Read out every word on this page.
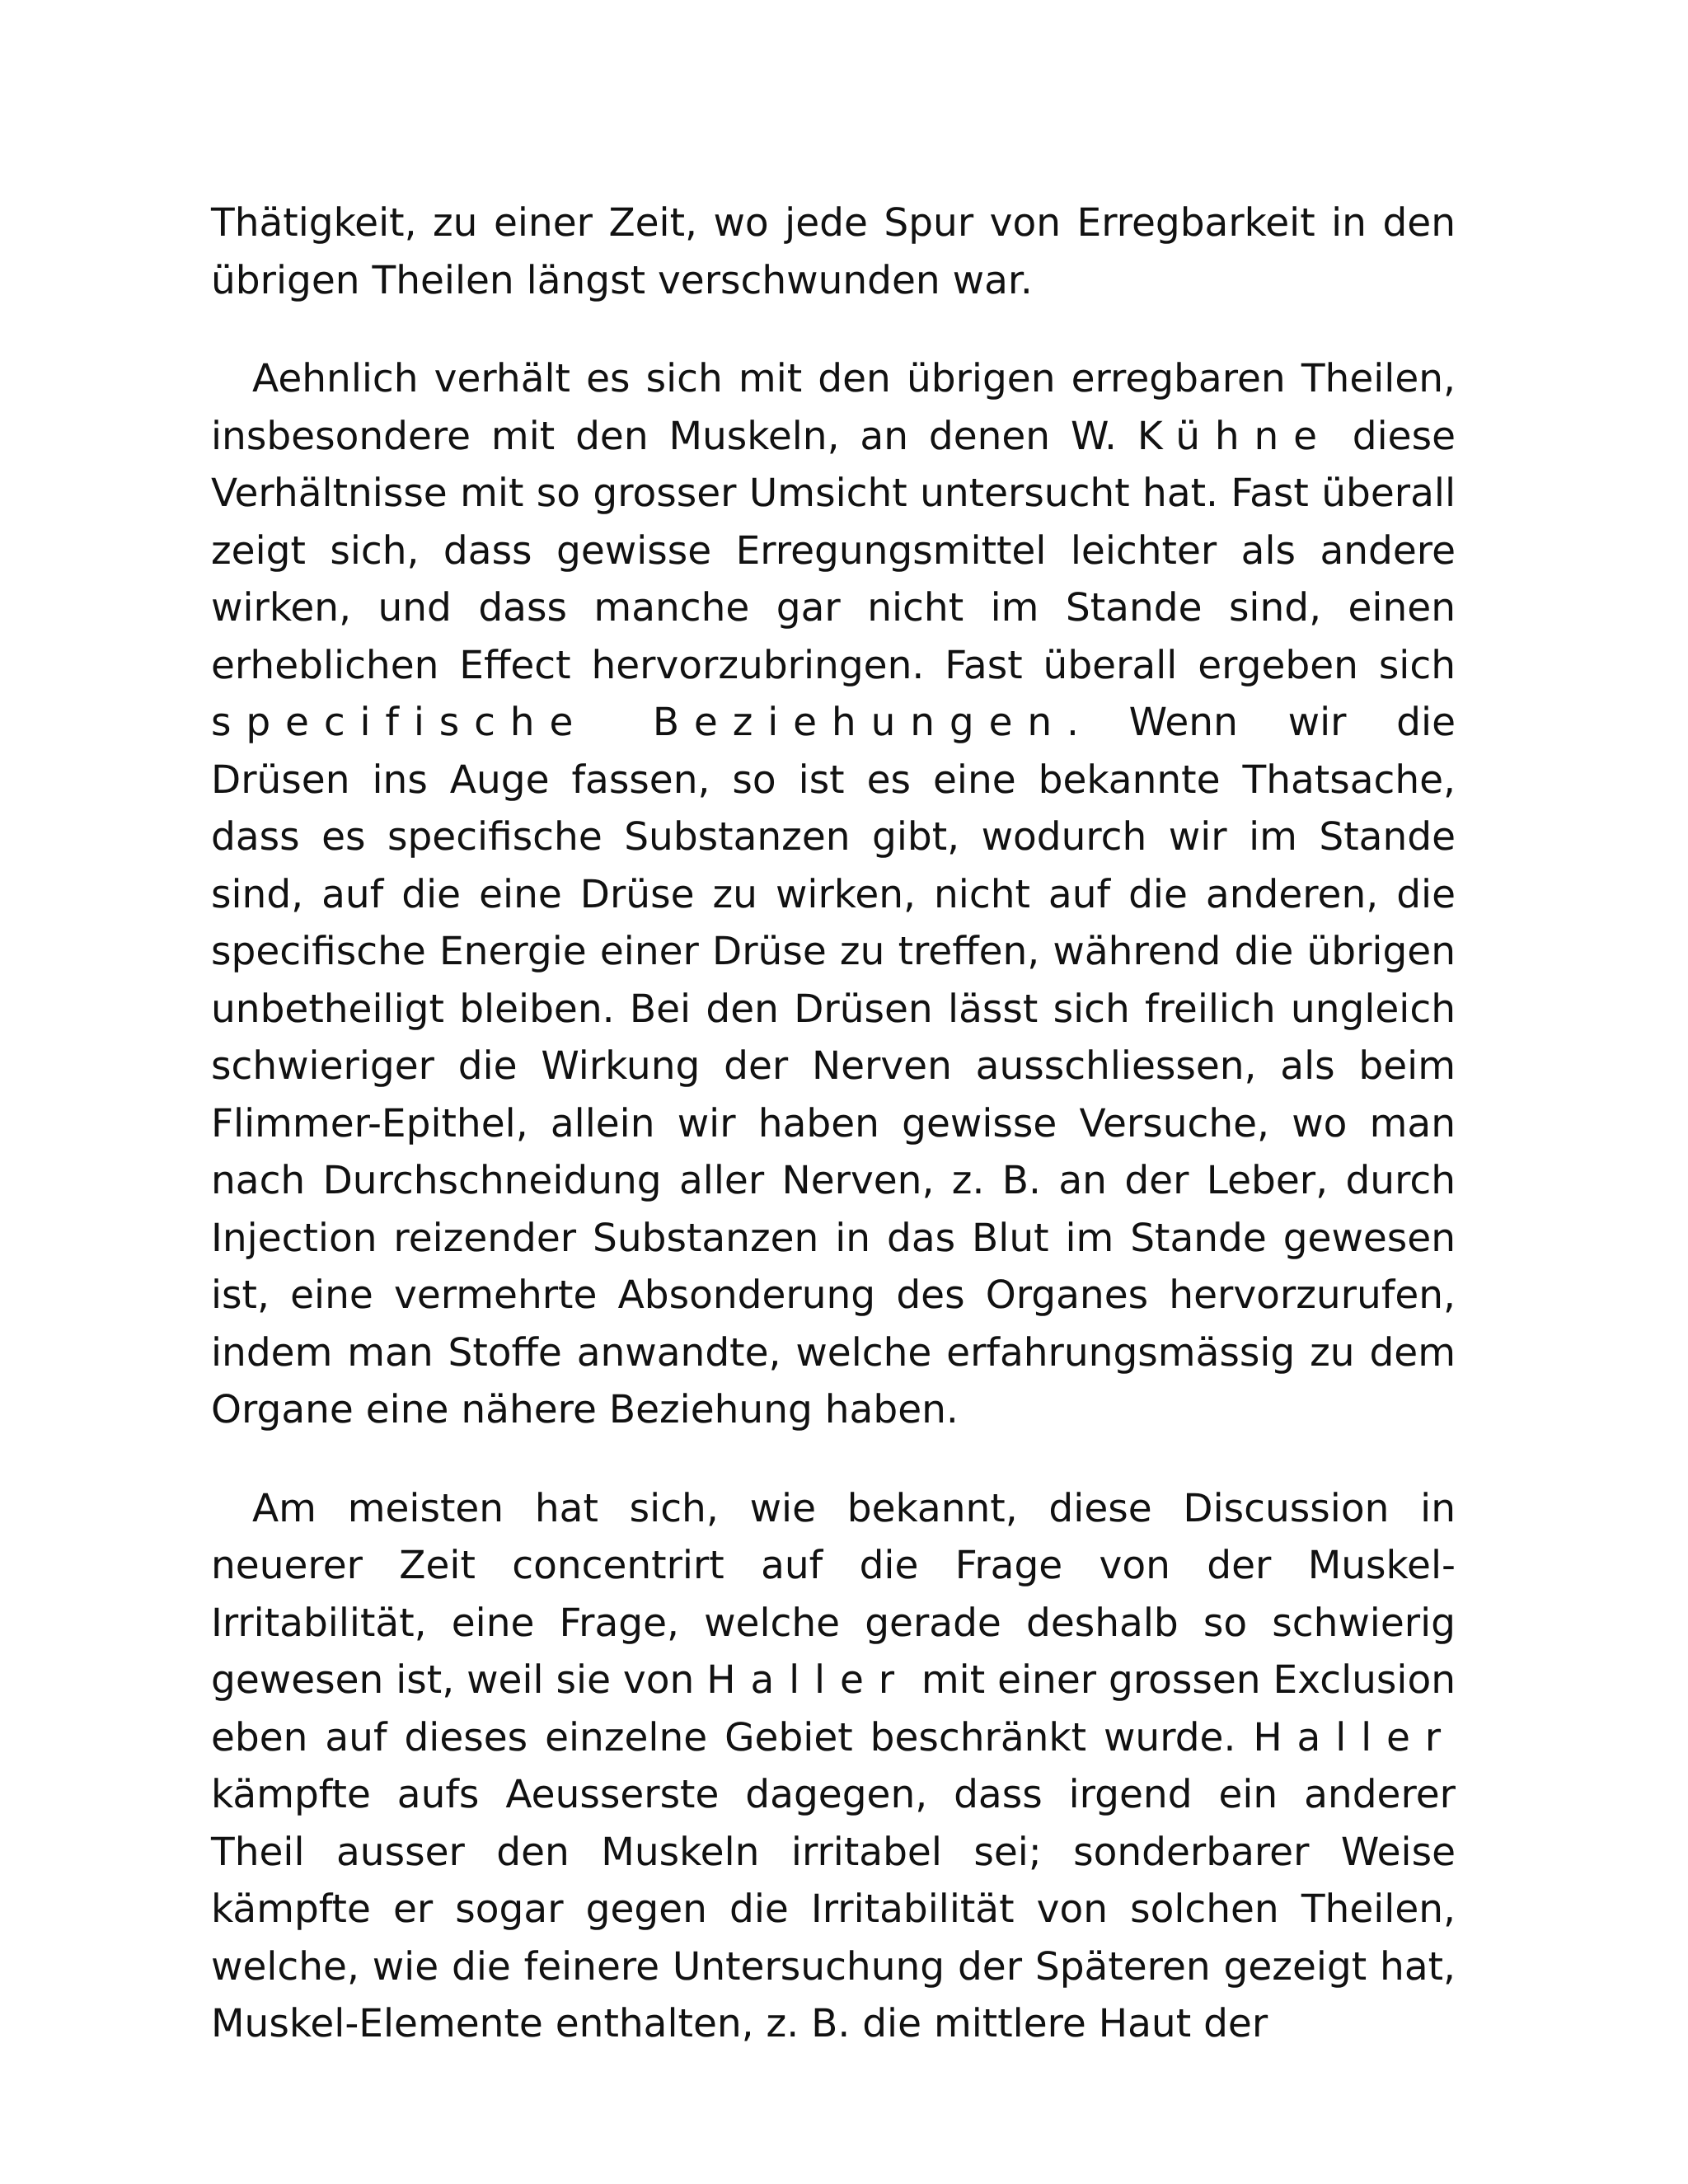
Thätigkeit, zu einer Zeit, wo jede Spur von Erregbarkeit in den übrigen Theilen längst verschwunden war.

Aehnlich verhält es sich mit den übrigen erregbaren Theilen, insbesondere mit den Muskeln, an denen W. Kühne diese Verhältnisse mit so grosser Umsicht untersucht hat. Fast überall zeigt sich, dass gewisse Erregungsmittel leichter als andere wirken, und dass manche gar nicht im Stande sind, einen erheblichen Effect hervorzubringen. Fast überall ergeben sich specifische Beziehungen. Wenn wir die Drüsen ins Auge fassen, so ist es eine bekannte Thatsache, dass es specifische Substanzen gibt, wodurch wir im Stande sind, auf die eine Drüse zu wirken, nicht auf die anderen, die specifische Energie einer Drüse zu treffen, während die übrigen unbetheiligt bleiben. Bei den Drüsen lässt sich freilich ungleich schwieriger die Wirkung der Nerven ausschliessen, als beim Flimmer-Epithel, allein wir haben gewisse Versuche, wo man nach Durchschneidung aller Nerven, z. B. an der Leber, durch Injection reizender Substanzen in das Blut im Stande gewesen ist, eine vermehrte Absonderung des Organes hervorzurufen, indem man Stoffe anwandte, welche erfahrungsmässig zu dem Organe eine nähere Beziehung haben.

Am meisten hat sich, wie bekannt, diese Discussion in neuerer Zeit concentrirt auf die Frage von der Muskel-Irritabilität, eine Frage, welche gerade deshalb so schwierig gewesen ist, weil sie von Haller mit einer grossen Exclusion eben auf dieses einzelne Gebiet beschränkt wurde. Haller kämpfte aufs Aeusserste dagegen, dass irgend ein anderer Theil ausser den Muskeln irritabel sei; sonderbarer Weise kämpfte er sogar gegen die Irritabilität von solchen Theilen, welche, wie die feinere Untersuchung der Späteren gezeigt hat, Muskel-Elemente enthalten, z. B. die mittlere Haut der
